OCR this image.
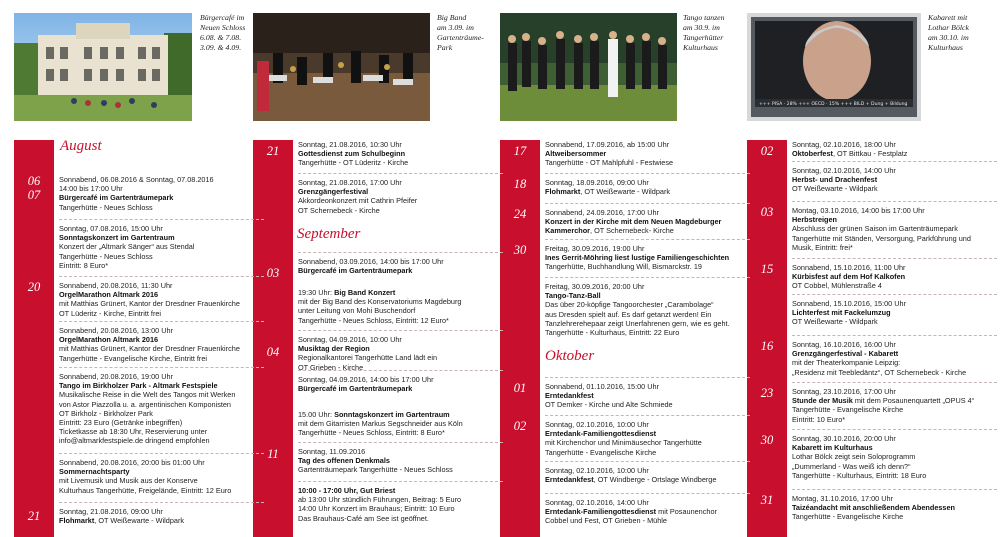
Bürgercafé im
Neuen Schloss
6.08. & 7.08.
3.09. & 4.09.
Big Band
am 3.09. im
Gartenträume-
Park
Tango tanzen
am 30.9. im
Tangerhütter
Kulturhaus
+++ PISA · 28% +++ OECD · 15% +++ BILD + Dung + Bildung
Kabarett mit
Lothar Bölck
am 30.10. im
Kulturhaus
06
07
20
21
21
03
04
11
17
18
24
30
01
02
02
03
15
16
23
30
31
August
September
Oktober
Sonnabend, 06.08.2016 & Sonntag, 07.08.2016
14:00 bis 17:00 Uhr
Bürgercafé im Gartenträumepark
Tangerhütte - Neues Schloss
Sonntag, 07.08.2016, 15:00 Uhr
Sonntagskonzert im Gartentraum
Konzert der „Altmark Sänger“ aus Stendal
Tangerhütte - Neues Schloss
Eintritt: 8 Euro*
Sonnabend, 20.08.2016, 11:30 Uhr
OrgelMarathon Altmark 2016
mit Matthias Grünert, Kantor der Dresdner Frauenkirche
OT Lüderitz - Kirche, Eintritt frei
Sonnabend, 20.08.2016, 13:00 Uhr
OrgelMarathon Altmark 2016
mit Matthias Grünert, Kantor der Dresdner Frauenkirche
Tangerhütte - Evangelische Kirche, Eintritt frei
Sonnabend, 20.08.2016, 19:00 Uhr
Tango im Birkholzer Park - Altmark Festspiele
Musikalische Reise in die Welt des Tangos mit Werken
von Astor Piazzolla u. a. argentinischen Komponisten
OT Birkholz - Birkholzer Park
Eintritt: 23 Euro (Getränke inbegriffen)
Ticketkasse ab 18:30 Uhr, Reservierung unter
info@altmarkfestspiele.de dringend empfohlen
Sonnabend, 20.08.2016, 20:00 bis 01:00 Uhr
Sommernachtsparty
mit Livemusik und Musik aus der Konserve
Kulturhaus Tangerhütte, Freigelände, Eintritt: 12 Euro
Sonntag, 21.08.2016, 09:00 Uhr
Flohmarkt, OT Weißewarte - Wildpark
Sonntag, 21.08.2016, 10:30 Uhr
Gottesdienst zum Schulbeginn
Tangerhütte - OT Lüderitz - Kirche
Sonntag, 21.08.2016, 17:00 Uhr
Grenzgängerfestival
Akkordeonkonzert mit Cathrin Pfeifer
OT Schernebeck - Kirche
Sonnabend, 03.09.2016, 14:00 bis 17:00 Uhr
Bürgercafé im Gartenträumepark
19:30 Uhr: Big Band Konzert
mit der Big Band des Konservatoriums Magdeburg
unter Leitung von Mohi Buschendorf
Tangerhütte - Neues Schloss, Eintritt: 12 Euro*
Sonntag, 04.09.2016, 10:00 Uhr
Musiktag der Region
Regionalkantorei Tangerhütte Land lädt ein
OT Grieben - Kirche
Sonntag, 04.09.2016, 14:00 bis 17:00 Uhr
Bürgercafé im Gartenträumepark
15.00 Uhr: Sonntagskonzert im Gartentraum
mit dem Gitarristen Markus Segschneider aus Köln
Tangerhütte - Neues Schloss, Eintritt: 8 Euro*
Sonntag, 11.09.2016
Tag des offenen Denkmals
Gartenträumepark Tangerhütte - Neues Schloss
10:00 - 17:00 Uhr, Gut Briest
ab 13:00 Uhr stündlich Führungen, Beitrag: 5 Euro
14:00 Uhr Konzert im Brauhaus; Eintritt: 10 Euro
Das Brauhaus-Café am See ist geöffnet.
Sonnabend, 17.09.2016, ab 15:00 Uhr
Altweibersommer
Tangerhütte - OT Mahlpfuhl - Festwiese
Sonntag, 18.09.2016, 09:00 Uhr
Flohmarkt, OT Weißewarte - Wildpark
Sonnabend, 24.09.2016, 17:00 Uhr
Konzert in der Kirche mit dem Neuen Magdeburger
Kammerchor, OT Schernebeck- Kirche
Freitag, 30.09.2016, 19:00 Uhr
Ines Gerrit-Möhring liest lustige Familiengeschichten
Tangerhütte, Buchhandlung Will, Bismarckstr. 19
Freitag, 30.09.2016, 20:00 Uhr
Tango-Tanz-Ball
Das über 20-köpfige Tangoorchester „Carambolage“
aus Dresden spielt auf. Es darf getanzt werden! Ein
Tanzlehrerehepaar zeigt Unerfahrenen gern, wie es geht.
Tangerhütte - Kulturhaus, Eintritt: 22 Euro
Sonnabend, 01.10.2016, 15:00 Uhr
Erntedankfest
OT Demker - Kirche und Alte Schmiede
Sonntag, 02.10.2016, 10:00 Uhr
Erntedank-Familiengottesdienst
mit Kirchenchor und Minimäusechor Tangerhütte
Tangerhütte - Evangelische Kirche
Sonntag, 02.10.2016, 10:00 Uhr
Erntedankfest, OT Windberge - Ortslage Windberge
Sonntag, 02.10.2016, 14:00 Uhr
Erntedank-Familiengottesdienst mit Posaunenchor
Cobbel und Fest, OT Grieben - Mühle
Sonntag, 02.10.2016, 18:00 Uhr
Oktoberfest, OT Bittkau - Festplatz
Sonntag, 02.10.2016, 14:00 Uhr
Herbst- und Drachenfest
OT Weißewarte - Wildpark
Montag, 03.10.2016, 14:00 bis 17:00 Uhr
Herbstreigen
Abschluss der grünen Saison im Gartenträumepark
Tangerhütte mit Ständen, Versorgung, Parkführung und
Musik, Eintritt: frei*
Sonnabend, 15.10.2016, 11:00 Uhr
Kürbisfest auf dem Hof Kalkofen
OT Cobbel, Mühlenstraße 4
Sonnabend, 15.10.2016, 15:00 Uhr
Lichterfest mit Fackelumzug
OT Weißewarte - Wildpark
Sonntag, 16.10.2016, 16:00 Uhr
Grenzgängerfestival - Kabarett
mit der Theaterkompanie Leipzig:
„Residenz mit Teebledäntz“, OT Schernebeck - Kirche
Sonntag, 23.10.2016, 17:00 Uhr
Stunde der Musik mit dem Posaunenquartett „OPUS 4“
Tangerhütte - Evangelische Kirche
Eintritt: 10 Euro*
Sonntag, 30.10.2016, 20:00 Uhr
Kabarett im Kulturhaus
Lothar Bölck zeigt sein Soloprogramm
„Dummerland - Was weiß ich denn?“
Tangerhütte - Kulturhaus, Eintritt: 18 Euro
Montag, 31.10.2016, 17:00 Uhr
Taizéandacht mit anschließendem Abendessen
Tangerhütte - Evangelische Kirche
